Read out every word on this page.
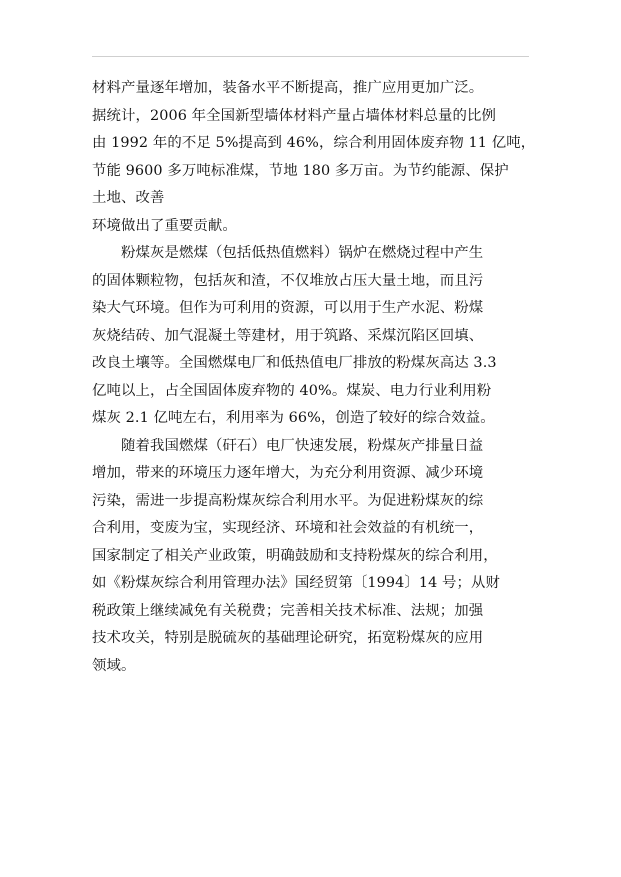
材料产量逐年增加，装备水平不断提高，推广应用更加广泛。
据统计，2006 年全国新型墙体材料产量占墙体材料总量的比例
由 1992 年的不足 5%提高到 46%，综合利用固体废弃物 11 亿吨，
节能 9600 多万吨标准煤，节地 180 多万亩。为节约能源、保护
土地、改善
环境做出了重要贡献。
粉煤灰是燃煤（包括低热值燃料）锅炉在燃烧过程中产生
的固体颗粒物，包括灰和渣，不仅堆放占压大量土地，而且污
染大气环境。但作为可利用的资源，可以用于生产水泥、粉煤
灰烧结砖、加气混凝土等建材，用于筑路、采煤沉陷区回填、
改良土壤等。全国燃煤电厂和低热值电厂排放的粉煤灰高达 3.3
亿吨以上，占全国固体废弃物的 40%。煤炭、电力行业利用粉
煤灰 2.1 亿吨左右，利用率为 66%，创造了较好的综合效益。
随着我国燃煤（矸石）电厂快速发展，粉煤灰产排量日益
增加，带来的环境压力逐年增大，为充分利用资源、减少环境
污染，需进一步提高粉煤灰综合利用水平。为促进粉煤灰的综
合利用，变废为宝，实现经济、环境和社会效益的有机统一，
国家制定了相关产业政策，明确鼓励和支持粉煤灰的综合利用，
如《粉煤灰综合利用管理办法》国经贸第〔1994〕14 号；从财
税政策上继续减免有关税费；完善相关技术标准、法规；加强
技术攻关，特别是脱硫灰的基础理论研究，拓宽粉煤灰的应用
领域。
